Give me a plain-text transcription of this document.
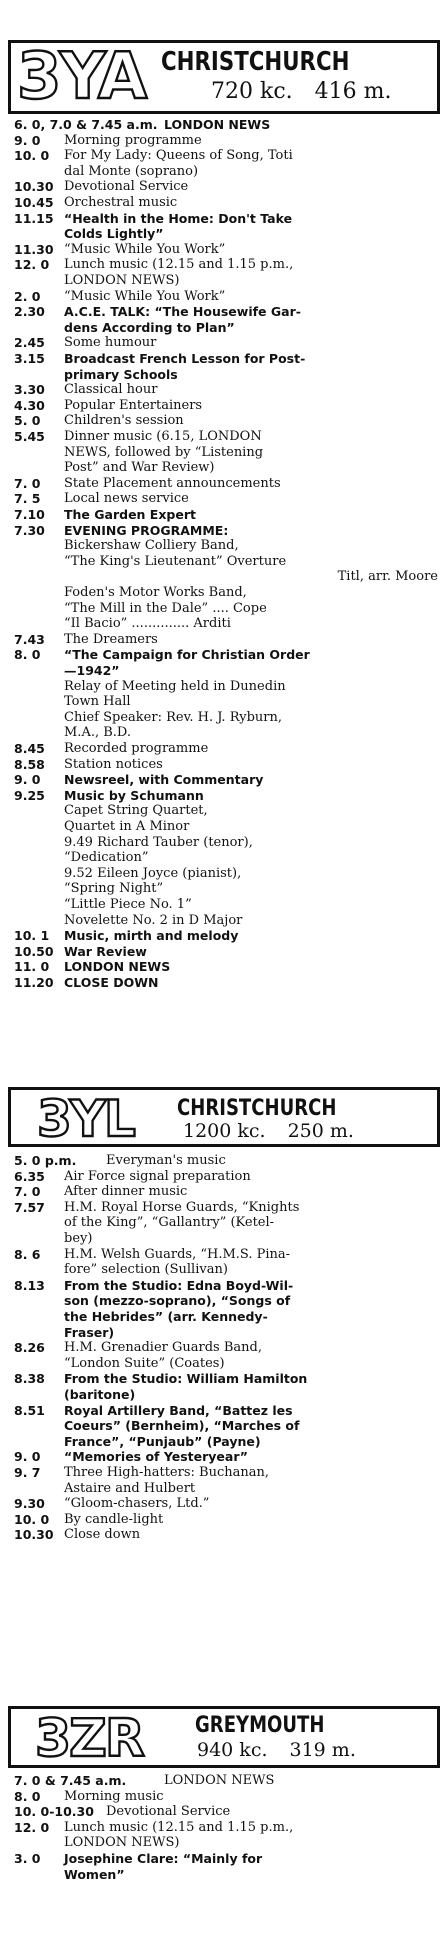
3YA CHRISTCHURCH
720 kc. 416 m.
6. 0, 7.0 & 7.45 a.m. LONDON NEWS
9. 0 Morning programme
10. 0 For My Lady: Queens of Song, Toti
dal Monte (soprano)
10.30 Devotional Service
10.45 Orchestral music
11.15 “Health in the Home: Don't Take
Colds Lightly”
11.30 “Music While You Work”
12. 0 Lunch music (12.15 and 1.15 p.m.,
LONDON NEWS)
2. 0 “Music While You Work”
2.30 A.C.E. TALK: “The Housewife Gar-
dens According to Plan”
2.45 Some humour
3.15 Broadcast French Lesson for Post-
primary Schools
3.30 Classical hour
4.30 Popular Entertainers
5. 0 Children's session
5.45 Dinner music (6.15, LONDON
NEWS, followed by “Listening
Post” and War Review)
7. 0 State Placement announcements
7. 5 Local news service
7.10 The Garden Expert
7.30 EVENING PROGRAMME:
Bickershaw Colliery Band,
“The King's Lieutenant” Overture
Titl, arr. Moore
Foden's Motor Works Band,
“The Mill in the Dale” .... Cope
“Il Bacio” .............. Arditi
7.43 The Dreamers
8. 0 “The Campaign for Christian Order
—1942”
Relay of Meeting held in Dunedin
Town Hall
Chief Speaker: Rev. H. J. Ryburn,
M.A., B.D.
8.45 Recorded programme
8.58 Station notices
9. 0 Newsreel, with Commentary
9.25 Music by Schumann
Capet String Quartet,
Quartet in A Minor
9.49 Richard Tauber (tenor),
“Dedication”
9.52 Eileen Joyce (pianist),
“Spring Night”
“Little Piece No. 1”
Novelette No. 2 in D Major
10. 1 Music, mirth and melody
10.50 War Review
11. 0 LONDON NEWS
11.20 CLOSE DOWN
3YL CHRISTCHURCH
1200 kc. 250 m.
5. 0 p.m. Everyman's music
6.35 Air Force signal preparation
7. 0 After dinner music
7.57 H.M. Royal Horse Guards, “Knights
of the King”, “Gallantry” (Ketel-
bey)
8. 6 H.M. Welsh Guards, “H.M.S. Pina-
fore” selection (Sullivan)
8.13 From the Studio: Edna Boyd-Wil-
son (mezzo-soprano), “Songs of
the Hebrides” (arr. Kennedy-
Fraser)
8.26 H.M. Grenadier Guards Band,
“London Suite” (Coates)
8.38 From the Studio: William Hamilton
(baritone)
8.51 Royal Artillery Band, “Battez les
Coeurs” (Bernheim), “Marches of
France”, “Punjaub” (Payne)
9. 0 “Memories of Yesteryear”
9. 7 Three High-hatters: Buchanan,
Astaire and Hulbert
9.30 “Gloom-chasers, Ltd.”
10. 0 By candle-light
10.30 Close down
3ZR GREYMOUTH
940 kc. 319 m.
7. 0 & 7.45 a.m.	LONDON NEWS
8. 0 Morning music
10. 0-10.30 Devotional Service
12. 0 Lunch music (12.15 and 1.15 p.m.,
LONDON NEWS)
3. 0 Josephine Clare: “Mainly for
Women”
